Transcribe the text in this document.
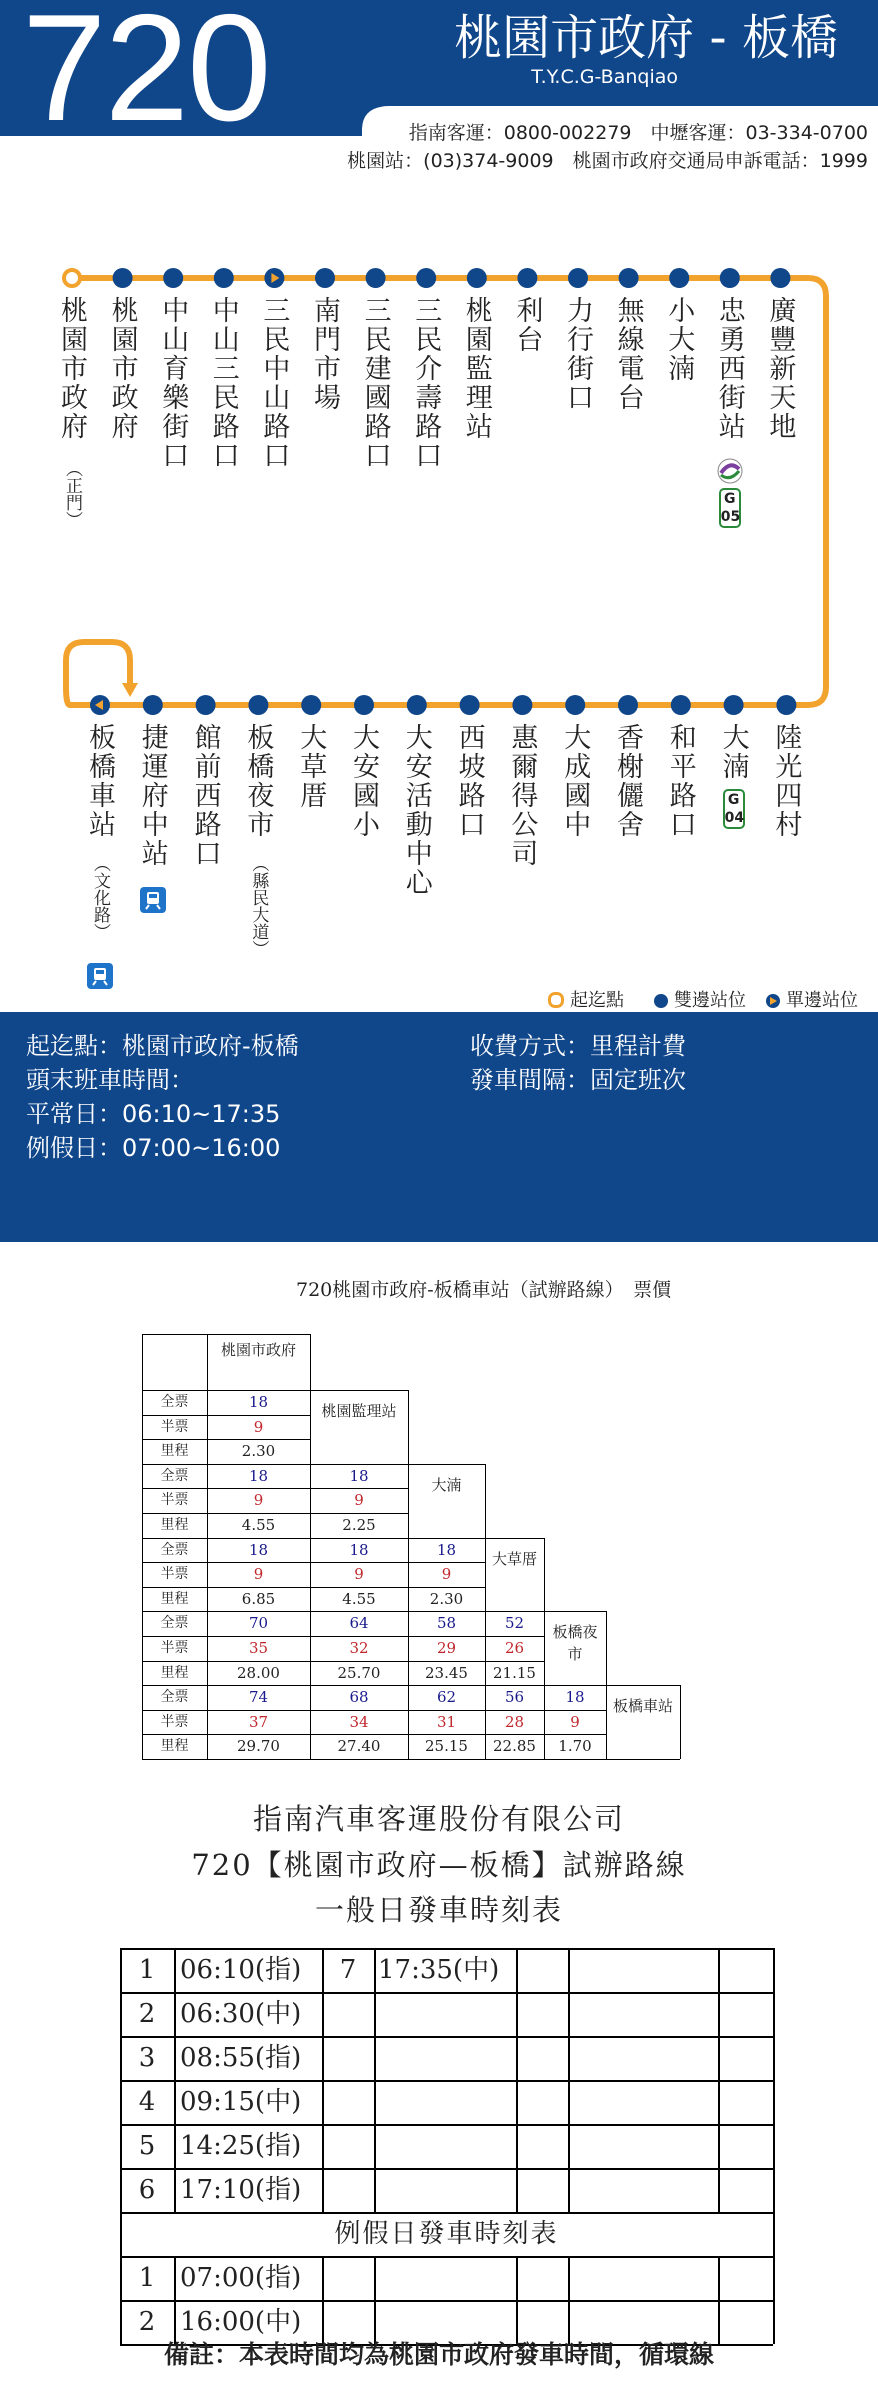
720	桃園市政府 - 板橋
T.Y.C.G-Banqiao
指南客運：0800-002279　中壢客運：03-334-0700
桃園站：(03)374-9009　桃園市政府交通局申訴電話：1999
桃園市政府
（正門）
桃園市政府 中山育樂街口 中山三民路口 三民中山路口 南門市場 三民建國路口 三民介壽路口 桃園監理站 利台 力行街口 無線電台 小大湳 忠勇西街站
G
05
廣豐新天地
板橋車站
（文化路）
捷運府中站 館前西路口 板橋夜市
（縣民大道）
大草厝 大安國小 大安活動中心 西坡路口 惠爾得公司 大成國中 香榭儷舍 和平路口 大湳
G
04 陸光四村
起迄點	雙邊站位	單邊站位
起迄點：桃園市政府-板橋
頭末班車時間：
平常日：06:10~17:35
例假日：07:00~16:00
收費方式：里程計費
發車間隔：固定班次
720桃園市政府-板橋車站（試辦路線）　票價
桃園市政府
全票	18
半票	9
里程	2.30
桃園監理站
全票	18	18
半票	9	9
里程	4.55	2.25
大湳
全票	18	18	18
半票	9	9	9
里程	6.85	4.55	2.30
大草厝
全票	70	64	58	52
半票	35	32	29	26
里程	28.00	25.70	23.45	21.15
板橋夜市
全票	74	68	62	56	18
半票	37	34	31	28	9
里程	29.70	27.40	25.15	22.85	1.70
板橋車站
指南汽車客運股份有限公司
720【桃園市政府—板橋】試辦路線
一般日發車時刻表
1 06:10(指)
2 06:30(中)
3 08:55(指)
4 09:15(中)
5 14:25(指)
6 17:10(指)
7 17:35(中)
例假日發車時刻表
1 07:00(指)
2 16:00(中)
備註：本表時間均為桃園市政府發車時間，循環線
